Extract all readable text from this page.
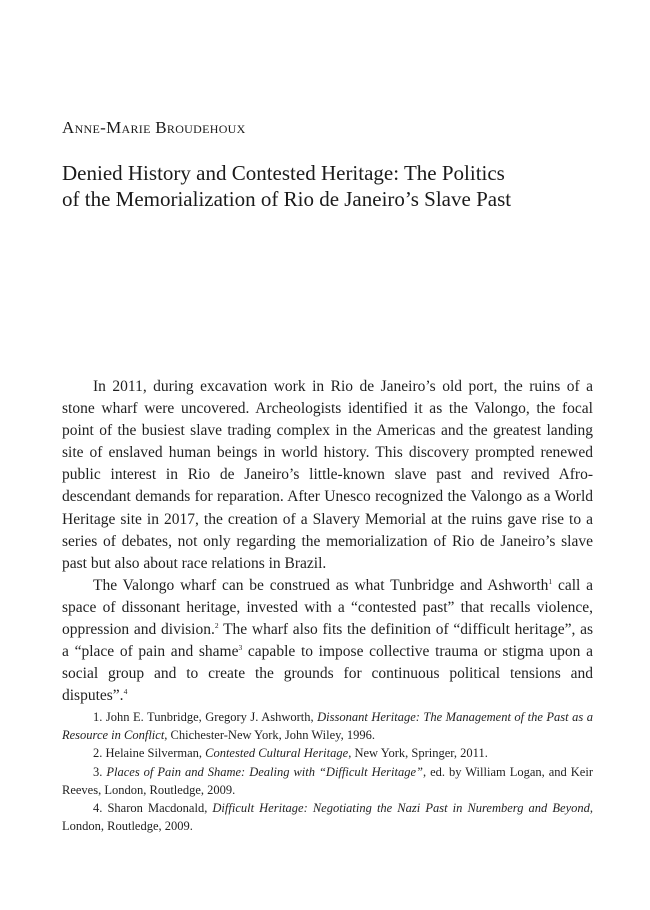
Anne-Marie Broudehoux
Denied History and Contested Heritage: The Politics
of the Memorialization of Rio de Janeiro’s Slave Past

In 2011, during excavation work in Rio de Janeiro’s old port, the ruins of a stone wharf were uncovered. Archeologists identified it as the Valongo, the focal point of the busiest slave trading complex in the Americas and the greatest landing site of enslaved human beings in world history. This discovery prompted renewed public interest in Rio de Janeiro’s little-known slave past and revived Afro-descendant demands for reparation. After Unesco recognized the Valongo as a World Heritage site in 2017, the creation of a Slavery Memorial at the ruins gave rise to a series of debates, not only regarding the memorialization of Rio de Janeiro’s slave past but also about race relations in Brazil.

The Valongo wharf can be construed as what Tunbridge and Ashworth$^1$ call a space of dissonant heritage, invested with a “contested past” that recalls violence, oppression and division.$^2$ The wharf also fits the definition of “difficult heritage”, as a “place of pain and shame$^3$ capable to impose collective trauma or stigma upon a social group and to create the grounds for continuous political tensions and disputes”.$^4$

1. John E. Tunbridge, Gregory J. Ashworth, Dissonant Heritage: The Management of the Past as a Resource in Conflict, Chichester-New York, John Wiley, 1996.

2. Helaine Silverman, Contested Cultural Heritage, New York, Springer, 2011.

3. Places of Pain and Shame: Dealing with “Difficult Heritage”, ed. by William Logan, and Keir Reeves, London, Routledge, 2009.

4. Sharon Macdonald, Difficult Heritage: Negotiating the Nazi Past in Nuremberg and Beyond, London, Routledge, 2009.
